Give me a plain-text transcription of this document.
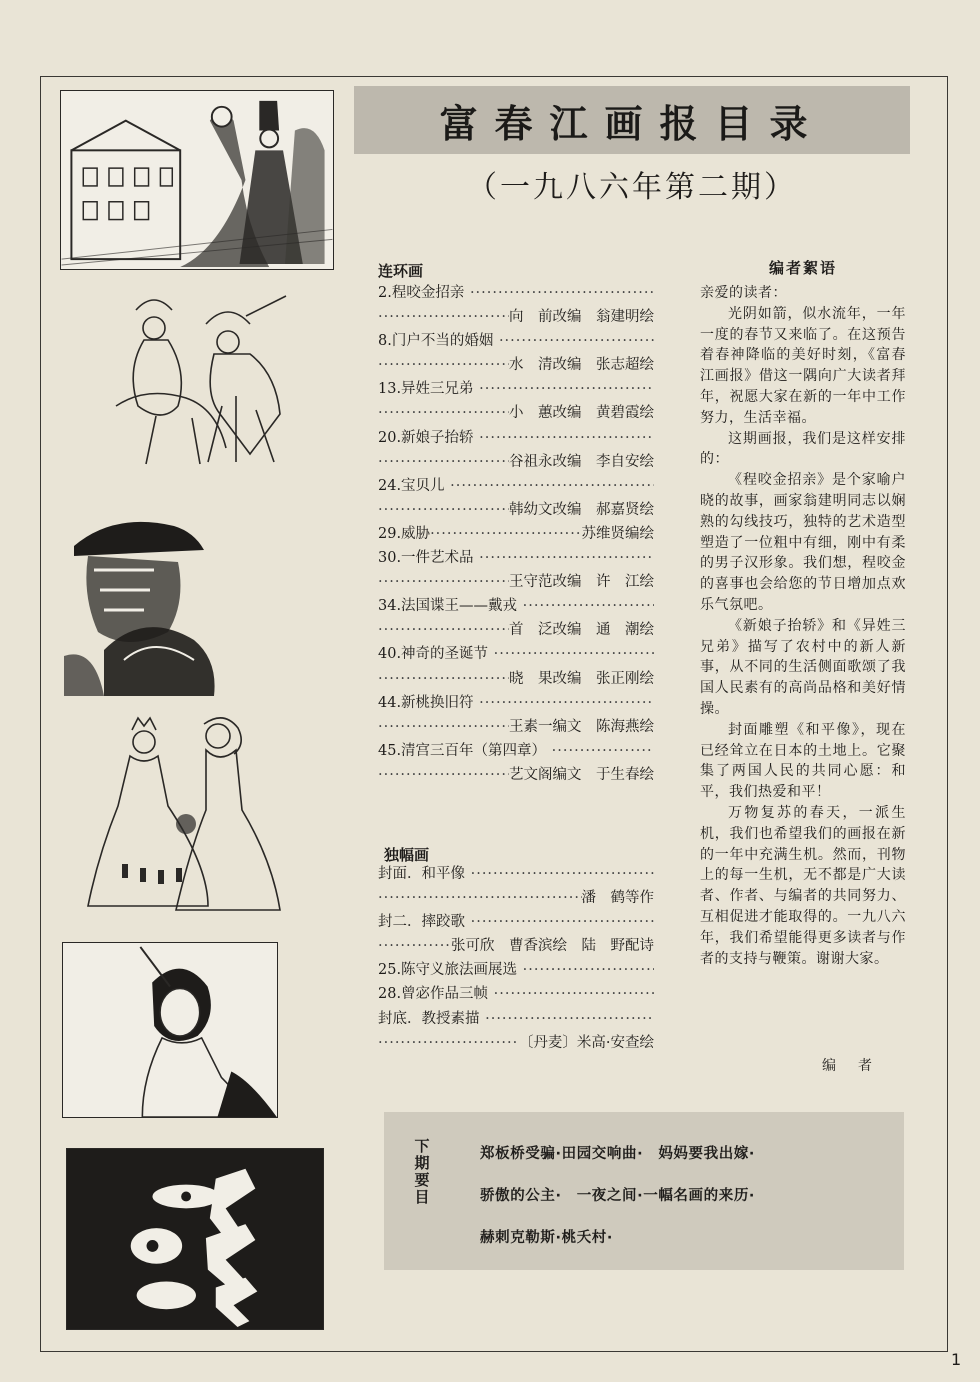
富春江画报目录
（一九八六年第二期）
连环画
2.程咬金招亲 ·····
·····
向　前改编　翁建明绘
8.门户不当的婚姻 ·····
·····
水　清改编　张志超绘
13.异姓三兄弟 ·····
·····
小　蕙改编　黄碧霞绘
20.新娘子抬轿 ·····
·····
谷祖永改编　李自安绘
24.宝贝儿 ·····
·····
韩幼文改编　郝嘉贤绘
29.威胁
·····	苏维贤编绘
30.一件艺术品 ·····
·····
王守范改编　许　江绘
34.法国谍王——戴戎 ·····
·····
首　泛改编　通　潮绘
40.神奇的圣诞节 ·····
·····
晓　果改编　张正刚绘
44.新桃换旧符 ·····
·····
王素一编文　陈海燕绘
45.清宫三百年（第四章） ·····
·····
艺文阁编文　于生春绘
独幅画
封面．和平像 ·····
·····
潘　鹤等作
封二．摔跤歌 ·····
·····
张可欣　曹香滨绘　陆　野配诗
25.陈守义旅法画展选 ·····
28.曾宓作品三帧 ·····
封底．教授素描 ·····
·····
〔丹麦〕米高·安查绘
编者絮语

亲爱的读者：

光阴如箭，似水流年，一年一度的春节又来临了。在这预告着春神降临的美好时刻，《富春江画报》借这一隅向广大读者拜年，祝愿大家在新的一年中工作努力，生活幸福。

这期画报，我们是这样安排的：

《程咬金招亲》是个家喻户晓的故事，画家翁建明同志以娴熟的勾线技巧，独特的艺术造型塑造了一位粗中有细，刚中有柔的男子汉形象。我们想，程咬金的喜事也会给您的节日增加点欢乐气氛吧。

《新娘子抬轿》和《异姓三兄弟》描写了农村中的新人新事，从不同的生活侧面歌颂了我国人民素有的高尚品格和美好情操。

封面雕塑《和平像》，现在已经耸立在日本的土地上。它聚集了两国人民的共同心愿：和平，我们热爱和平！

万物复苏的春天，一派生机，我们也希望我们的画报在新的一年中充满生机。然而，刊物上的每一生机，无不都是广大读者、作者、与编者的共同努力、互相促进才能取得的。一九八六年，我们希望能得更多读者与作者的支持与鞭策。谢谢大家。

编　者
下期要目
郑板桥受骗·田园交响曲·　妈妈要我出嫁·
骄傲的公主·　一夜之间·一幅名画的来历·
赫刺克勒斯·桃夭村·
1
